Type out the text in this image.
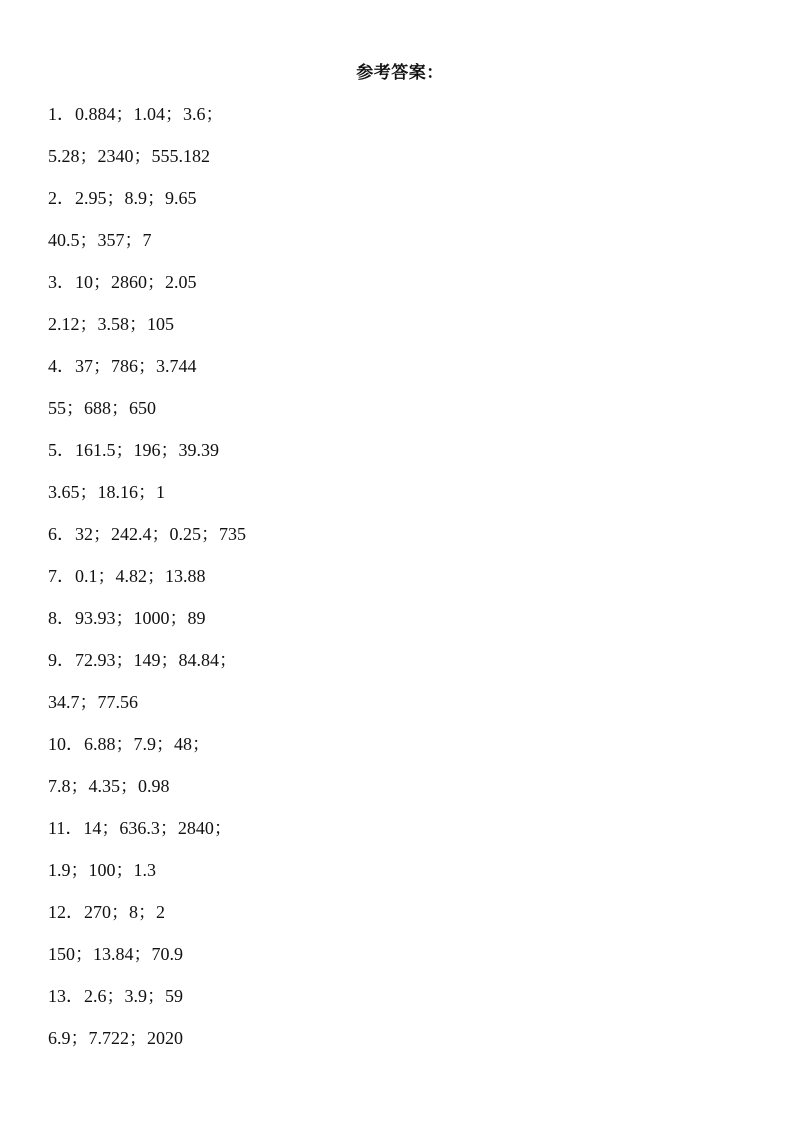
参考答案：
1．0.884；1.04；3.6；
5.28；2340；555.182
2．2.95；8.9；9.65
40.5；357；7
3．10；2860；2.05
2.12；3.58；105
4．37；786；3.744
55；688；650
5．161.5；196；39.39
3.65；18.16；1
6．32；242.4；0.25；735
7．0.1；4.82；13.88
8．93.93；1000；89
9．72.93；149；84.84；
34.7；77.56
10．6.88；7.9；48；
7.8；4.35；0.98
11．14；636.3；2840；
1.9；100；1.3
12．270；8；2
150；13.84；70.9
13．2.6；3.9；59
6.9；7.722；2020
